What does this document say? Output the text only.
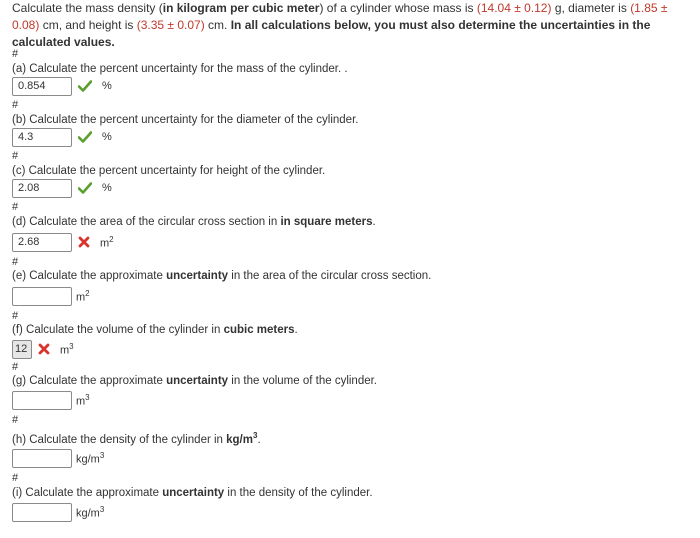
Calculate the mass density (in kilogram per cubic meter) of a cylinder whose mass is (14.04 ± 0.12) g, diameter is (1.85 ± 0.08) cm, and height is (3.35 ± 0.07) cm. In all calculations below, you must also determine the uncertainties in the calculated values.
#
(a) Calculate the percent uncertainty for the mass of the cylinder. .
0.854
%
#
(b) Calculate the percent uncertainty for the diameter of the cylinder.
4.3
%
#
(c) Calculate the percent uncertainty for height of the cylinder.
2.08
%
#
(d) Calculate the area of the circular cross section in in square meters.
2.68
$m^2$
#
(e) Calculate the approximate uncertainty in the area of the circular cross section.
$m^2$
#
(f) Calculate the volume of the cylinder in cubic meters.
12
$m^3$
#
(g) Calculate the approximate uncertainty in the volume of the cylinder.
$m^3$
#
(h) Calculate the density of the cylinder in $kg/m^3$.
$kg/m^3$
#
(i) Calculate the approximate uncertainty in the density of the cylinder.
$kg/m^3$
